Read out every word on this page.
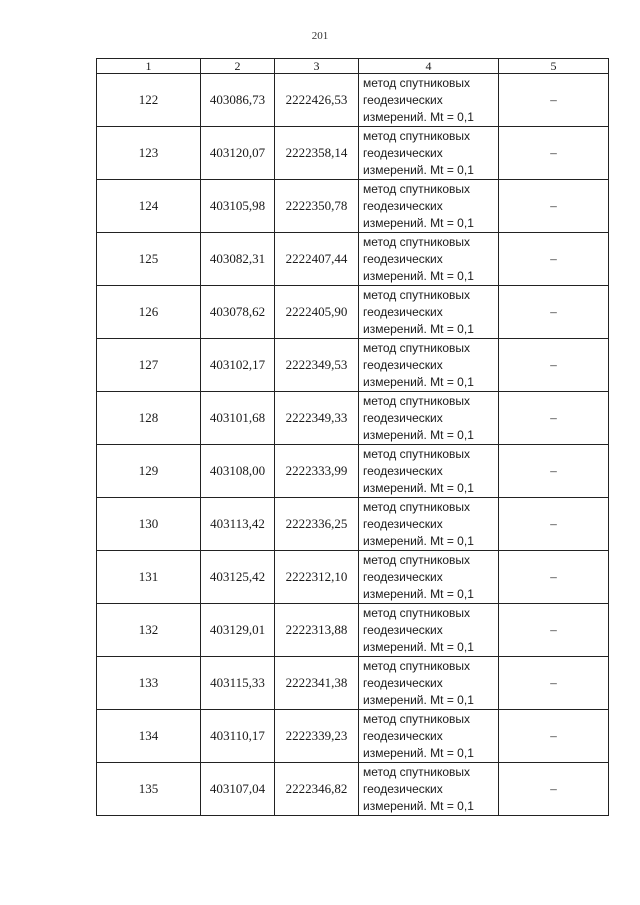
201
1	2	3	4	5
122	403086,73	2222426,53	метод спутниковых
геодезических
измерений. Mt = 0,1	–
123	403120,07	2222358,14	метод спутниковых
геодезических
измерений. Mt = 0,1	–
124	403105,98	2222350,78	метод спутниковых
геодезических
измерений. Mt = 0,1	–
125	403082,31	2222407,44	метод спутниковых
геодезических
измерений. Mt = 0,1	–
126	403078,62	2222405,90	метод спутниковых
геодезических
измерений. Mt = 0,1	–
127	403102,17	2222349,53	метод спутниковых
геодезических
измерений. Mt = 0,1	–
128	403101,68	2222349,33	метод спутниковых
геодезических
измерений. Mt = 0,1	–
129	403108,00	2222333,99	метод спутниковых
геодезических
измерений. Mt = 0,1	–
130	403113,42	2222336,25	метод спутниковых
геодезических
измерений. Mt = 0,1	–
131	403125,42	2222312,10	метод спутниковых
геодезических
измерений. Mt = 0,1	–
132	403129,01	2222313,88	метод спутниковых
геодезических
измерений. Mt = 0,1	–
133	403115,33	2222341,38	метод спутниковых
геодезических
измерений. Mt = 0,1	–
134	403110,17	2222339,23	метод спутниковых
геодезических
измерений. Mt = 0,1	–
135	403107,04	2222346,82	метод спутниковых
геодезических
измерений. Mt = 0,1	–
